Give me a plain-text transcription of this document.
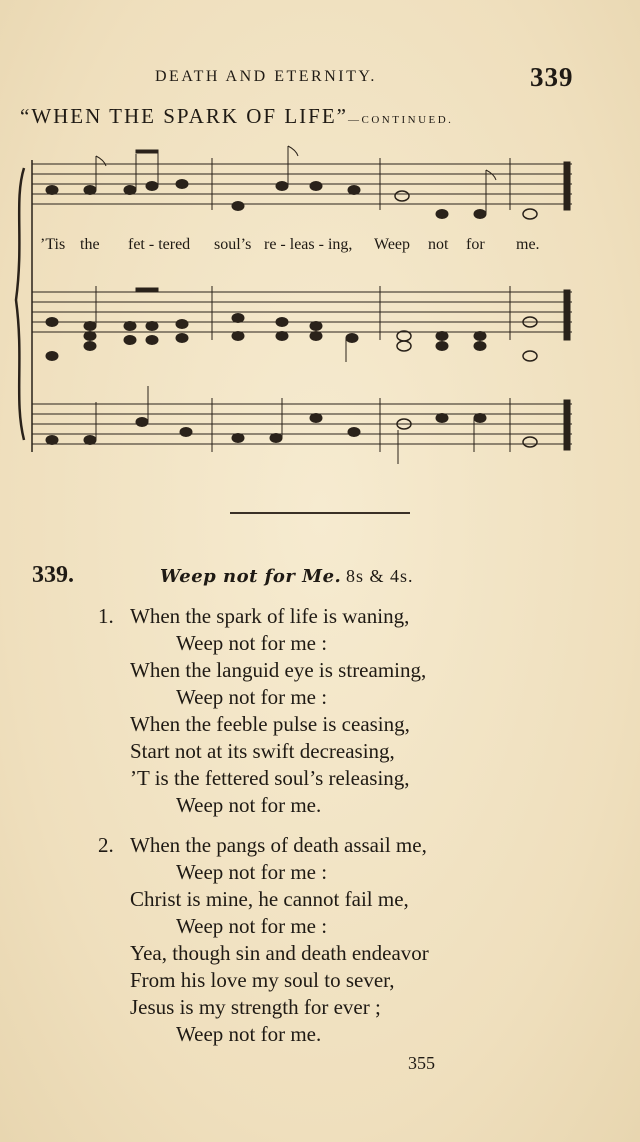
DEATH AND ETERNITY.	339
“WHEN THE SPARK OF LIFE”—CONTINUED.
’Tis the fet - tered soul’s re - leas - ing, Weep not for me.
339.	Weep not for Me. 8s & 4s.
1. When the spark of life is waning,
Weep not for me :
When the languid eye is streaming,
Weep not for me :
When the feeble pulse is ceasing,
Start not at its swift decreasing,
’T is the fettered soul’s releasing,
Weep not for me.
2. When the pangs of death assail me,
Weep not for me :
Christ is mine, he cannot fail me,
Weep not for me :
Yea, though sin and death endeavor
From his love my soul to sever,
Jesus is my strength for ever ;
Weep not for me.
355
